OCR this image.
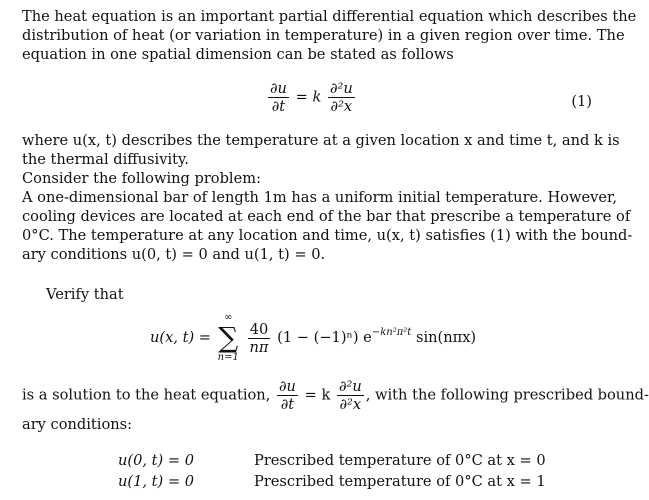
The heat equation is an important partial differential equation which describes the
distribution of heat (or variation in temperature) in a given region over time. The
equation in one spatial dimension can be stated as follows
$\frac{\partial u}{\partial t} = k \frac{\text{∂²u}}{\text{∂²x}}$	(1)
where u(x, t) describes the temperature at a given location x and time t, and k is
the thermal diffusivity.
Consider the following problem:
A one-dimensional bar of length 1m has a uniform initial temperature. However,
cooling devices are located at each end of the bar that prescribe a temperature of
0°C. The temperature at any location and time, u(x, t) satisfies (1) with the bound-
ary conditions u(0, t) = 0 and u(1, t) = 0.
Verify that
u(x, t) =
∞
∑
n=1

$\frac{40}{n\pi} (1 - (-1)^n)$ $e^{-kn^2\pi^2t}$ sin(nπx)
is a solution to the heat equation, $\frac{\partial u}{\partial t} = k \frac{\text{∂²u}}{\text{∂²x}}$ , with the following prescribed bound-
ary conditions:
u(0, t) = 0	Prescribed temperature of 0°C at x = 0
u(1, t) = 0	Prescribed temperature of 0°C at x = 1
